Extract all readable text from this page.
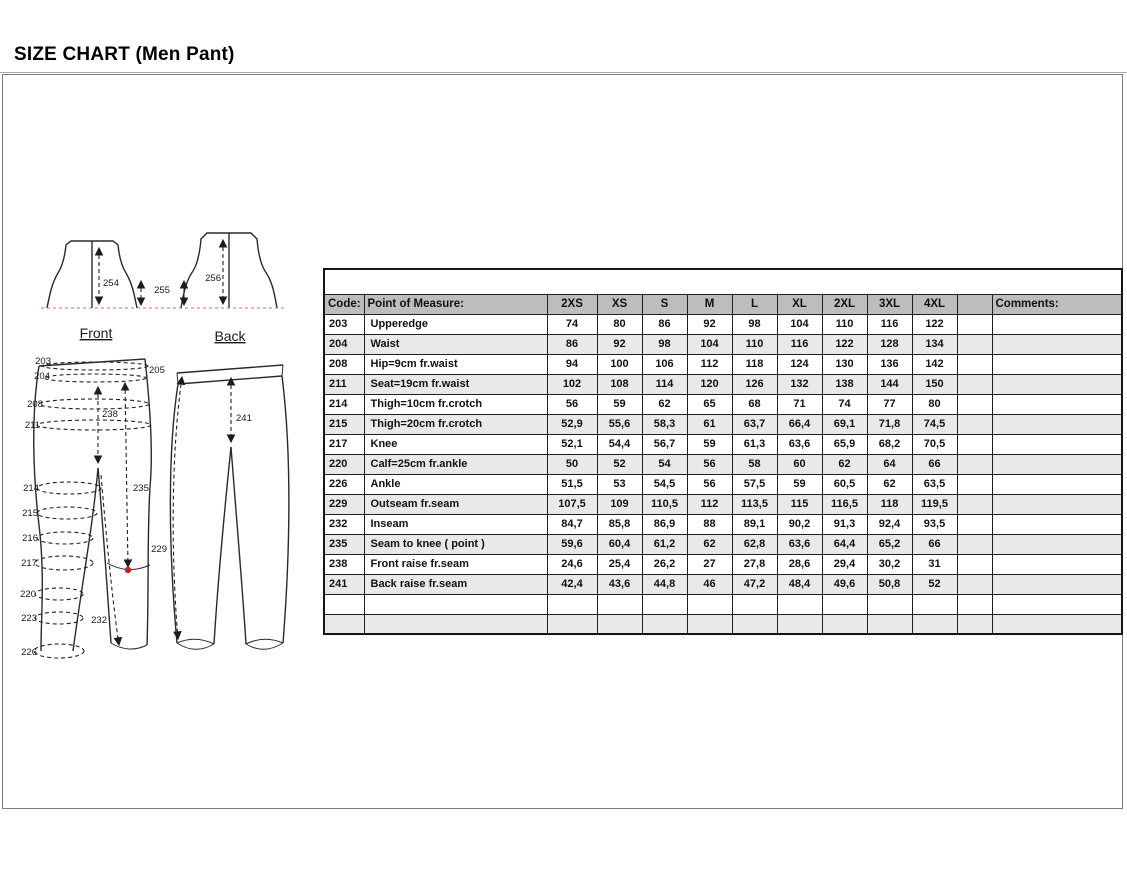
SIZE CHART (Men Pant)
254	256
255
Front	Back
238
235
232
203
204
208
211
214
215
216
217
220
223
226
205
241
229

Code:	Point of Measure:	2XS	XS	S	M	L	XL	2XL	3XL	4XL		Comments:
203	Upperedge	74	80	86	92	98	104	110	116	122		
204	Waist	86	92	98	104	110	116	122	128	134		
208	Hip=9cm fr.waist	94	100	106	112	118	124	130	136	142		
211	Seat=19cm fr.waist	102	108	114	120	126	132	138	144	150		
214	Thigh=10cm fr.crotch	56	59	62	65	68	71	74	77	80		
215	Thigh=20cm fr.crotch	52,9	55,6	58,3	61	63,7	66,4	69,1	71,8	74,5		
217	Knee	52,1	54,4	56,7	59	61,3	63,6	65,9	68,2	70,5		
220	Calf=25cm fr.ankle	50	52	54	56	58	60	62	64	66		
226	Ankle	51,5	53	54,5	56	57,5	59	60,5	62	63,5		
229	Outseam fr.seam	107,5	109	110,5	112	113,5	115	116,5	118	119,5		
232	Inseam	84,7	85,8	86,9	88	89,1	90,2	91,3	92,4	93,5		
235	Seam to knee ( point )	59,6	60,4	61,2	62	62,8	63,6	64,4	65,2	66		
238	Front raise fr.seam	24,6	25,4	26,2	27	27,8	28,6	29,4	30,2	31		
241	Back raise fr.seam	42,4	43,6	44,8	46	47,2	48,4	49,6	50,8	52		
